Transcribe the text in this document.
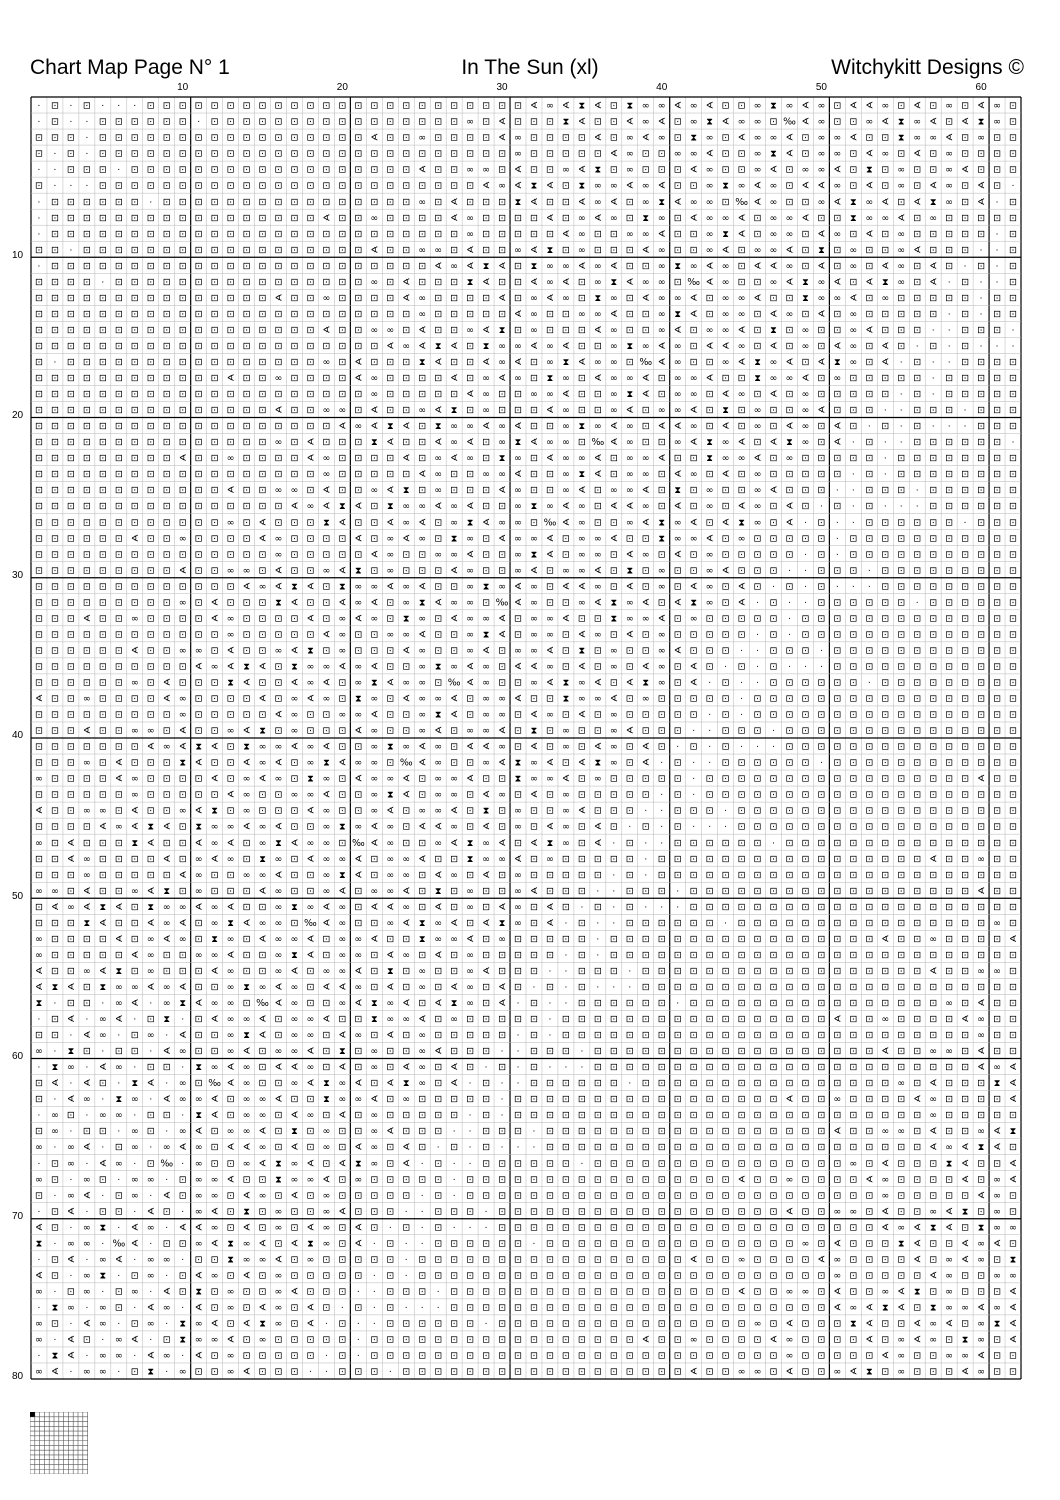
Chart Map Page N° 1	In The Sun (xl)	Witchykitt Designs ©
10	20	30	40	50	60
10
20
30
40
50
60
70
80
· ⊡ · ⊡ · · · ⊡ ⊡ ⊡ ⊡ ⊡ ⊡ ⊡ ⊡ ⊡ ⊡ ⊡ ⊡ ⊡ ⊡ ⊡ ⊡ ⊡ ⊡ ⊡ ⊡ ⊡ ⊡ ⊡ ⊡ ∢ ∞ ∢ ⧗ ∢ ⊡ ⧗ ∞ ∞ ∢ ∞ ∢ ⊡ ⊡ ∞ ⧗ ∞ ∢ ∞ ⊡ ∢ ∢ ∞ ⊡ ∢ ⊡ ∞ ⊡ ∢ ∞ ⊡
· ⊡ · · ⊡ ⊡ ⊡ ⊡ ⊡ ⊡ · ⊡ ⊡ ⊡ ⊡ ⊡ ⊡ ⊡ ⊡ ⊡ ⊡ ⊡ ⊡ ⊡ ⊡ ⊡ ⊡ ∞ ⊡ ∢ ⊡ ⊡ ⊡ ⧗ ∢ ⊡ ⊡ ∢ ∞ ∢ ⊡ ∞ ⧗ ∢ ∞ ∞ ⊡ ‰ ∢ ∞ ⊡ ⊡ ∞ ∢ ⧗ ∞ ∢ ⊡ ∢ ⧗ ∞ ⊡
⊡ ⊡ ⊡ · ⊡ ⊡ ⊡ ⊡ ⊡ ⊡ ⊡ ⊡ ⊡ ⊡ ⊡ ⊡ ⊡ ⊡ ⊡ ⊡ ⊡ ∢ ⊡ ⊡ ∞ ⊡ ⊡ ⊡ ⊡ ∢ ∞ ⊡ ⊡ ⊡ ⊡ ∢ ⊡ ∞ ∢ ∞ ⊡ ⧗ ∞ ⊡ ∢ ∞ ∞ ∢ ⊡ ∞ ∞ ∢ ⊡ ⊡ ⧗ ∞ ∞ ∢ ⊡ ∞ ⊡ ⊡
⊡ · ⊡ · ⊡ ⊡ ⊡ ⊡ ⊡ ⊡ ⊡ ⊡ ⊡ ⊡ ⊡ ⊡ ⊡ ⊡ ⊡ ⊡ ⊡ ⊡ ⊡ ⊡ ⊡ ⊡ ⊡ ⊡ ⊡ ⊡ ∞ ⊡ ⊡ ⊡ ⊡ ⊡ ∢ ∞ ⊡ ⊡ ∞ ∞ ∢ ⊡ ⊡ ∞ ⧗ ∢ ⊡ ∞ ∞ ⊡ ∢ ∞ ⊡ ∢ ⊡ ∞ ⊡ ⊡ ⊡ ⊡
· · ⊡ ⊡ ⊡ · ⊡ ⊡ ⊡ ⊡ ⊡ ⊡ ⊡ ⊡ ⊡ ⊡ ⊡ ⊡ ⊡ ⊡ ⊡ ⊡ ⊡ ⊡ ∢ ⊡ ⊡ ∞ ∞ ⊡ ∢ ⊡ ⊡ ∞ ∢ ⧗ ⊡ ∞ ⊡ ⊡ ⊡ ∢ ∞ ⊡ ⊡ ∞ ∢ ⊡ ∞ ∞ ∢ ⊡ ⧗ ⊡ ∞ ⊡ ⊡ ∞ ∢ ⊡ ⊡ ⊡
⊡ · · · ⊡ ⊡ ⊡ ⊡ ⊡ ⊡ ⊡ ⊡ ⊡ ⊡ ⊡ ⊡ ⊡ ⊡ ⊡ ⊡ ⊡ ⊡ ⊡ ⊡ ⊡ ⊡ ⊡ ⊡ ∢ ∞ ∢ ⧗ ∢ ⊡ ⧗ ∞ ∞ ∢ ∞ ∢ ⊡ ⊡ ∞ ⧗ ∞ ∢ ∞ ⊡ ∢ ∢ ∞ ⊡ ∢ ⊡ ∞ ⊡ ∢ ∞ ⊡ ∢ ⊡ ·
· ⊡ ⊡ ⊡ ⊡ ⊡ ⊡ · ⊡ ⊡ ⊡ ⊡ ⊡ ⊡ ⊡ ⊡ ⊡ ⊡ ⊡ ⊡ ⊡ ⊡ ⊡ ⊡ ∞ ⊡ ∢ ⊡ ⊡ ⊡ ⧗ ∢ ⊡ ⊡ ∢ ∞ ∢ ⊡ ∞ ⧗ ∢ ∞ ∞ ⊡ ‰ ∢ ∞ ⊡ ⊡ ∞ ∢ ⧗ ∞ ∢ ⊡ ∢ ⧗ ∞ ⊡ ∢ · ⊡
· ⊡ ⊡ ⊡ ⊡ ⊡ ⊡ ⊡ ⊡ ⊡ ⊡ ⊡ ⊡ ⊡ ⊡ ⊡ ⊡ ⊡ ∢ ⊡ ⊡ ∞ ⊡ ⊡ ⊡ ⊡ ∢ ∞ ⊡ ⊡ ⊡ ⊡ ∢ ⊡ ∞ ∢ ∞ ⊡ ⧗ ∞ ⊡ ∢ ∞ ∞ ∢ ⊡ ∞ ∞ ∢ ⊡ ⊡ ⧗ ∞ ∞ ∢ ⊡ ∞ ⊡ ⊡ ⊡ ⊡ ⊡
· ⊡ ⊡ ⊡ ⊡ ⊡ ⊡ ⊡ ⊡ ⊡ ⊡ ⊡ ⊡ ⊡ ⊡ ⊡ ⊡ ⊡ ⊡ ⊡ ⊡ ⊡ ⊡ ⊡ ⊡ ⊡ ⊡ ∞ ⊡ ⊡ ⊡ ⊡ ⊡ ∢ ∞ ⊡ ⊡ ∞ ∞ ∢ ⊡ ⊡ ∞ ⧗ ∢ ⊡ ∞ ∞ ⊡ ∢ ∞ ⊡ ∢ ⊡ ∞ ⊡ ⊡ ⊡ ⊡ ⊡ · ⊡
⊡ ⊡ · ⊡ ⊡ ⊡ ⊡ ⊡ ⊡ ⊡ ⊡ ⊡ ⊡ ⊡ ⊡ ⊡ ⊡ ⊡ ⊡ ⊡ ⊡ ∢ ⊡ ⊡ ∞ ∞ ⊡ ∢ ⊡ ⊡ ∞ ∢ ⧗ ⊡ ∞ ⊡ ⊡ ⊡ ∢ ∞ ⊡ ⊡ ∞ ∢ ⊡ ∞ ∞ ∢ ⊡ ⧗ ⊡ ∞ ⊡ ⊡ ∞ ∢ ⊡ ⊡ ⊡ · · ⊡
· ⊡ ⊡ ⊡ ⊡ ⊡ ⊡ ⊡ ⊡ ⊡ ⊡ ⊡ ⊡ ⊡ ⊡ ⊡ ⊡ ⊡ ⊡ ⊡ ⊡ ⊡ ⊡ ⊡ ⊡ ∢ ∞ ∢ ⧗ ∢ ⊡ ⧗ ∞ ∞ ∢ ∞ ∢ ⊡ ⊡ ∞ ⧗ ∞ ∢ ∞ ⊡ ∢ ∢ ∞ ⊡ ∢ ⊡ ∞ ⊡ ∢ ∞ ⊡ ∢ ⊡ · ⊡ · ⊡
⊡ ⊡ ⊡ ⊡ · ⊡ ⊡ ⊡ ⊡ ⊡ ⊡ ⊡ ⊡ ⊡ ⊡ ⊡ ⊡ ⊡ ⊡ ⊡ ⊡ ∞ ⊡ ∢ ⊡ ⊡ ⊡ ⧗ ∢ ⊡ ⊡ ∢ ∞ ∢ ⊡ ∞ ⧗ ∢ ∞ ∞ ⊡ ‰ ∢ ∞ ⊡ ⊡ ∞ ∢ ⧗ ∞ ∢ ⊡ ∢ ⧗ ∞ ⊡ ∢ · ⊡ · · ⊡
⊡ ⊡ ⊡ ⊡ ⊡ ⊡ ⊡ ⊡ ⊡ ⊡ ⊡ ⊡ ⊡ ⊡ ⊡ ∢ ⊡ ⊡ ∞ ⊡ ⊡ ⊡ ⊡ ∢ ∞ ⊡ ⊡ ⊡ ⊡ ∢ ⊡ ∞ ∢ ∞ ⊡ ⧗ ∞ ⊡ ∢ ∞ ∞ ∢ ⊡ ∞ ∞ ∢ ⊡ ⊡ ⧗ ∞ ∞ ∢ ⊡ ∞ ⊡ ⊡ ⊡ ⊡ ⊡ · ⊡ ⊡
⊡ ⊡ ⊡ ⊡ ⊡ ⊡ ⊡ ⊡ ⊡ ⊡ ⊡ ⊡ ⊡ ⊡ ⊡ ⊡ ⊡ ⊡ ⊡ ⊡ ⊡ ⊡ ⊡ ⊡ ∞ ⊡ ⊡ ⊡ ⊡ ⊡ ∢ ∞ ⊡ ⊡ ∞ ∞ ∢ ⊡ ⊡ ∞ ⧗ ∢ ⊡ ∞ ∞ ⊡ ∢ ∞ ⊡ ∢ ⊡ ∞ ⊡ ⊡ ⊡ ⊡ ⊡ · ⊡ · ⊡ ⊡
⊡ ⊡ ⊡ ⊡ ⊡ ⊡ ⊡ ⊡ ⊡ ⊡ ⊡ ⊡ ⊡ ⊡ ⊡ ⊡ ⊡ ⊡ ∢ ⊡ ⊡ ∞ ∞ ⊡ ∢ ⊡ ⊡ ∞ ∢ ⧗ ⊡ ∞ ⊡ ⊡ ⊡ ∢ ∞ ⊡ ⊡ ∞ ∢ ⊡ ∞ ∞ ∢ ⊡ ⧗ ⊡ ∞ ⊡ ⊡ ∞ ∢ ⊡ ⊡ ⊡ · · ⊡ ⊡ ⊡ ·
⊡ ⊡ ⊡ ⊡ ⊡ ⊡ ⊡ ⊡ ⊡ ⊡ ⊡ ⊡ ⊡ ⊡ ⊡ ⊡ ⊡ ⊡ ⊡ ⊡ ⊡ ⊡ ∢ ∞ ∢ ⧗ ∢ ⊡ ⧗ ∞ ∞ ∢ ∞ ∢ ⊡ ⊡ ∞ ⧗ ∞ ∢ ∞ ⊡ ∢ ∢ ∞ ⊡ ∢ ⊡ ∞ ⊡ ∢ ∞ ⊡ ∢ ⊡ · ⊡ · ⊡ · · ·
⊡ · ⊡ ⊡ ⊡ ⊡ ⊡ ⊡ ⊡ ⊡ ⊡ ⊡ ⊡ ⊡ ⊡ ⊡ ⊡ ⊡ ∞ ⊡ ∢ ⊡ ⊡ ⊡ ⧗ ∢ ⊡ ⊡ ∢ ∞ ∢ ⊡ ∞ ⧗ ∢ ∞ ∞ ⊡ ‰ ∢ ∞ ⊡ ⊡ ∞ ∢ ⧗ ∞ ∢ ⊡ ∢ ⧗ ∞ ⊡ ∢ · ⊡ · · ⊡ ⊡ ⊡ ⊡
⊡ ⊡ ⊡ ⊡ ⊡ ⊡ ⊡ ⊡ ⊡ ⊡ ⊡ ⊡ ∢ ⊡ ⊡ ∞ ⊡ ⊡ ⊡ ⊡ ∢ ∞ ⊡ ⊡ ⊡ ⊡ ∢ ⊡ ∞ ∢ ∞ ⊡ ⧗ ∞ ⊡ ∢ ∞ ∞ ∢ ⊡ ∞ ∞ ∢ ⊡ ⊡ ⧗ ∞ ∞ ∢ ⊡ ∞ ⊡ ⊡ ⊡ ⊡ ⊡ · ⊡ ⊡ ⊡ ⊡ ⊡
⊡ ⊡ ⊡ ⊡ ⊡ ⊡ ⊡ ⊡ ⊡ ⊡ ⊡ ⊡ ⊡ ⊡ ⊡ ⊡ ⊡ ⊡ ⊡ ⊡ ⊡ ∞ ⊡ ⊡ ⊡ ⊡ ⊡ ∢ ∞ ⊡ ⊡ ∞ ∞ ∢ ⊡ ⊡ ∞ ⧗ ∢ ⊡ ∞ ∞ ⊡ ∢ ∞ ⊡ ∢ ⊡ ∞ ⊡ ⊡ ⊡ ⊡ ⊡ · ⊡ · ⊡ ⊡ ⊡ ⊡ ⊡
⊡ ⊡ ⊡ ⊡ ⊡ ⊡ ⊡ ⊡ ⊡ ⊡ ⊡ ⊡ ⊡ ⊡ ⊡ ∢ ⊡ ⊡ ∞ ∞ ⊡ ∢ ⊡ ⊡ ∞ ∢ ⧗ ⊡ ∞ ⊡ ⊡ ⊡ ∢ ∞ ⊡ ⊡ ∞ ∢ ⊡ ∞ ∞ ∢ ⊡ ⧗ ⊡ ∞ ⊡ ⊡ ∞ ∢ ⊡ ⊡ ⊡ · · ⊡ ⊡ ⊡ · ⊡ ⊡ ⊡
⊡ ⊡ ⊡ ⊡ ⊡ ⊡ ⊡ ⊡ ⊡ ⊡ ⊡ ⊡ ⊡ ⊡ ⊡ ⊡ ⊡ ⊡ ⊡ ∢ ∞ ∢ ⧗ ∢ ⊡ ⧗ ∞ ∞ ∢ ∞ ∢ ⊡ ⊡ ∞ ⧗ ∞ ∢ ∞ ⊡ ∢ ∢ ∞ ⊡ ∢ ⊡ ∞ ⊡ ∢ ∞ ⊡ ∢ ⊡ · ⊡ · ⊡ · · · ⊡ ⊡ ⊡
⊡ ⊡ ⊡ ⊡ ⊡ ⊡ ⊡ ⊡ ⊡ ⊡ ⊡ ⊡ ⊡ ⊡ ⊡ ∞ ⊡ ∢ ⊡ ⊡ ⊡ ⧗ ∢ ⊡ ⊡ ∢ ∞ ∢ ⊡ ∞ ⧗ ∢ ∞ ∞ ⊡ ‰ ∢ ∞ ⊡ ⊡ ∞ ∢ ⧗ ∞ ∢ ⊡ ∢ ⧗ ∞ ⊡ ∢ · ⊡ · · ⊡ ⊡ ⊡ ⊡ ⊡ ⊡ ·
⊡ ⊡ ⊡ ⊡ ⊡ ⊡ ⊡ ⊡ ⊡ ∢ ⊡ ⊡ ∞ ⊡ ⊡ ⊡ ⊡ ∢ ∞ ⊡ ⊡ ⊡ ⊡ ∢ ⊡ ∞ ∢ ∞ ⊡ ⧗ ∞ ⊡ ∢ ∞ ∞ ∢ ⊡ ∞ ∞ ∢ ⊡ ⊡ ⧗ ∞ ∞ ∢ ⊡ ∞ ⊡ ⊡ ⊡ ⊡ ⊡ · ⊡ ⊡ ⊡ ⊡ ⊡ ⊡ ⊡ ⊡
⊡ ⊡ ⊡ ⊡ ⊡ ⊡ ⊡ ⊡ ⊡ ⊡ ⊡ ⊡ ⊡ ⊡ ⊡ ⊡ ⊡ ⊡ ∞ ⊡ ⊡ ⊡ ⊡ ⊡ ∢ ∞ ⊡ ⊡ ∞ ∞ ∢ ⊡ ⊡ ∞ ⧗ ∢ ⊡ ∞ ∞ ⊡ ∢ ∞ ⊡ ∢ ⊡ ∞ ⊡ ⊡ ⊡ ⊡ ⊡ · ⊡ · ⊡ ⊡ ⊡ ⊡ ⊡ ⊡ ⊡ ⊡
⊡ ⊡ ⊡ ⊡ ⊡ ⊡ ⊡ ⊡ ⊡ ⊡ ⊡ ⊡ ∢ ⊡ ⊡ ∞ ∞ ⊡ ∢ ⊡ ⊡ ∞ ∢ ⧗ ⊡ ∞ ⊡ ⊡ ⊡ ∢ ∞ ⊡ ⊡ ∞ ∢ ⊡ ∞ ∞ ∢ ⊡ ⧗ ⊡ ∞ ⊡ ⊡ ∞ ∢ ⊡ ⊡ ⊡ · · ⊡ ⊡ ⊡ · ⊡ ⊡ ⊡ ⊡ ⊡ ⊡
⊡ ⊡ ⊡ ⊡ ⊡ ⊡ ⊡ ⊡ ⊡ ⊡ ⊡ ⊡ ⊡ ⊡ ⊡ ⊡ ∢ ∞ ∢ ⧗ ∢ ⊡ ⧗ ∞ ∞ ∢ ∞ ∢ ⊡ ⊡ ∞ ⧗ ∞ ∢ ∞ ⊡ ∢ ∢ ∞ ⊡ ∢ ⊡ ∞ ⊡ ∢ ∞ ⊡ ∢ ⊡ · ⊡ · ⊡ · · · ⊡ ⊡ ⊡ ⊡ ⊡ ⊡
⊡ ⊡ ⊡ ⊡ ⊡ ⊡ ⊡ ⊡ ⊡ ⊡ ⊡ ⊡ ∞ ⊡ ∢ ⊡ ⊡ ⊡ ⧗ ∢ ⊡ ⊡ ∢ ∞ ∢ ⊡ ∞ ⧗ ∢ ∞ ∞ ⊡ ‰ ∢ ∞ ⊡ ⊡ ∞ ∢ ⧗ ∞ ∢ ⊡ ∢ ⧗ ∞ ⊡ ∢ · ⊡ · · ⊡ ⊡ ⊡ ⊡ ⊡ ⊡ · ⊡ ⊡ ⊡
⊡ ⊡ ⊡ ⊡ ⊡ ⊡ ∢ ⊡ ⊡ ∞ ⊡ ⊡ ⊡ ⊡ ∢ ∞ ⊡ ⊡ ⊡ ⊡ ∢ ⊡ ∞ ∢ ∞ ⊡ ⧗ ∞ ⊡ ∢ ∞ ∞ ∢ ⊡ ∞ ∞ ∢ ⊡ ⊡ ⧗ ∞ ∞ ∢ ⊡ ∞ ⊡ ⊡ ⊡ ⊡ ⊡ · ⊡ ⊡ ⊡ ⊡ ⊡ ⊡ ⊡ ⊡ ⊡ ⊡ ⊡
⊡ ⊡ ⊡ ⊡ ⊡ ⊡ ⊡ ⊡ ⊡ ⊡ ⊡ ⊡ ⊡ ⊡ ⊡ ∞ ⊡ ⊡ ⊡ ⊡ ⊡ ∢ ∞ ⊡ ⊡ ∞ ∞ ∢ ⊡ ⊡ ∞ ⧗ ∢ ⊡ ∞ ∞ ⊡ ∢ ∞ ⊡ ∢ ⊡ ∞ ⊡ ⊡ ⊡ ⊡ ⊡ · ⊡ · ⊡ ⊡ ⊡ ⊡ ⊡ ⊡ ⊡ ⊡ ⊡ ⊡ ⊡
⊡ ⊡ ⊡ ⊡ ⊡ ⊡ ⊡ ⊡ ⊡ ∢ ⊡ ⊡ ∞ ∞ ⊡ ∢ ⊡ ⊡ ∞ ∢ ⧗ ⊡ ∞ ⊡ ⊡ ⊡ ∢ ∞ ⊡ ⊡ ∞ ∢ ⊡ ∞ ∞ ∢ ⊡ ⧗ ⊡ ∞ ⊡ ⊡ ∞ ∢ ⊡ ⊡ ⊡ · · ⊡ ⊡ ⊡ · ⊡ ⊡ ⊡ ⊡ ⊡ ⊡ ⊡ ⊡ ⊡
⊡ ⊡ ⊡ ⊡ ⊡ ⊡ ⊡ ⊡ ⊡ ⊡ ⊡ ⊡ ⊡ ∢ ∞ ∢ ⧗ ∢ ⊡ ⧗ ∞ ∞ ∢ ∞ ∢ ⊡ ⊡ ∞ ⧗ ∞ ∢ ∞ ⊡ ∢ ∢ ∞ ⊡ ∢ ⊡ ∞ ⊡ ∢ ∞ ⊡ ∢ ⊡ · ⊡ · ⊡ · · · ⊡ ⊡ ⊡ ⊡ ⊡ ⊡ ⊡ ⊡ ⊡
⊡ ⊡ ⊡ ⊡ ⊡ ⊡ ⊡ ⊡ ⊡ ∞ ⊡ ∢ ⊡ ⊡ ⊡ ⧗ ∢ ⊡ ⊡ ∢ ∞ ∢ ⊡ ∞ ⧗ ∢ ∞ ∞ ⊡ ‰ ∢ ∞ ⊡ ⊡ ∞ ∢ ⧗ ∞ ∢ ⊡ ∢ ⧗ ∞ ⊡ ∢ · ⊡ · · ⊡ ⊡ ⊡ ⊡ ⊡ ⊡ · ⊡ ⊡ ⊡ ⊡ ⊡ ⊡
⊡ ⊡ ⊡ ∢ ⊡ ⊡ ∞ ⊡ ⊡ ⊡ ⊡ ∢ ∞ ⊡ ⊡ ⊡ ⊡ ∢ ⊡ ∞ ∢ ∞ ⊡ ⧗ ∞ ⊡ ∢ ∞ ∞ ∢ ⊡ ∞ ∞ ∢ ⊡ ⊡ ⧗ ∞ ∞ ∢ ⊡ ∞ ⊡ ⊡ ⊡ ⊡ ⊡ · ⊡ ⊡ ⊡ ⊡ ⊡ ⊡ ⊡ ⊡ ⊡ ⊡ ⊡ ⊡ ⊡ ⊡
⊡ ⊡ ⊡ ⊡ ⊡ ⊡ ⊡ ⊡ ⊡ ⊡ ⊡ ⊡ ∞ ⊡ ⊡ ⊡ ⊡ ⊡ ∢ ∞ ⊡ ⊡ ∞ ∞ ∢ ⊡ ⊡ ∞ ⧗ ∢ ⊡ ∞ ∞ ⊡ ∢ ∞ ⊡ ∢ ⊡ ∞ ⊡ ⊡ ⊡ ⊡ ⊡ · ⊡ · ⊡ ⊡ ⊡ ⊡ ⊡ ⊡ ⊡ ⊡ ⊡ ⊡ ⊡ ⊡ ⊡ ⊡
⊡ ⊡ ⊡ ⊡ ⊡ ⊡ ∢ ⊡ ⊡ ∞ ∞ ⊡ ∢ ⊡ ⊡ ∞ ∢ ⧗ ⊡ ∞ ⊡ ⊡ ⊡ ∢ ∞ ⊡ ⊡ ∞ ∢ ⊡ ∞ ∞ ∢ ⊡ ⧗ ⊡ ∞ ⊡ ⊡ ∞ ∢ ⊡ ⊡ ⊡ · · ⊡ ⊡ ⊡ · ⊡ ⊡ ⊡ ⊡ ⊡ ⊡ ⊡ ⊡ ⊡ ⊡ ⊡ ⊡
⊡ ⊡ ⊡ ⊡ ⊡ ⊡ ⊡ ⊡ ⊡ ⊡ ∢ ∞ ∢ ⧗ ∢ ⊡ ⧗ ∞ ∞ ∢ ∞ ∢ ⊡ ⊡ ∞ ⧗ ∞ ∢ ∞ ⊡ ∢ ∢ ∞ ⊡ ∢ ⊡ ∞ ⊡ ∢ ∞ ⊡ ∢ ⊡ · ⊡ · ⊡ · · · ⊡ ⊡ ⊡ ⊡ ⊡ ⊡ ⊡ ⊡ ⊡ ⊡ ⊡ ⊡
⊡ ⊡ ⊡ ⊡ ⊡ ⊡ ∞ ⊡ ∢ ⊡ ⊡ ⊡ ⧗ ∢ ⊡ ⊡ ∢ ∞ ∢ ⊡ ∞ ⧗ ∢ ∞ ∞ ⊡ ‰ ∢ ∞ ⊡ ⊡ ∞ ∢ ⧗ ∞ ∢ ⊡ ∢ ⧗ ∞ ⊡ ∢ · ⊡ · · ⊡ ⊡ ⊡ ⊡ ⊡ ⊡ · ⊡ ⊡ ⊡ ⊡ ⊡ ⊡ ⊡ ⊡ ⊡
∢ ⊡ ⊡ ∞ ⊡ ⊡ ⊡ ⊡ ∢ ∞ ⊡ ⊡ ⊡ ⊡ ∢ ⊡ ∞ ∢ ∞ ⊡ ⧗ ∞ ⊡ ∢ ∞ ∞ ∢ ⊡ ∞ ∞ ∢ ⊡ ⊡ ⧗ ∞ ∞ ∢ ⊡ ∞ ⊡ ⊡ ⊡ ⊡ ⊡ · ⊡ ⊡ ⊡ ⊡ ⊡ ⊡ ⊡ ⊡ ⊡ ⊡ ⊡ ⊡ ⊡ ⊡ ⊡ ⊡ ⊡
⊡ ⊡ ⊡ ⊡ ⊡ ⊡ ⊡ ⊡ ⊡ ∞ ⊡ ⊡ ⊡ ⊡ ⊡ ∢ ∞ ⊡ ⊡ ∞ ∞ ∢ ⊡ ⊡ ∞ ⧗ ∢ ⊡ ∞ ∞ ⊡ ∢ ∞ ⊡ ∢ ⊡ ∞ ⊡ ⊡ ⊡ ⊡ ⊡ · ⊡ · ⊡ ⊡ ⊡ ⊡ ⊡ ⊡ ⊡ ⊡ ⊡ ⊡ ⊡ ⊡ ⊡ ⊡ ⊡ ⊡ ⊡
⊡ ⊡ ⊡ ∢ ⊡ ⊡ ∞ ∞ ⊡ ∢ ⊡ ⊡ ∞ ∢ ⧗ ⊡ ∞ ⊡ ⊡ ⊡ ∢ ∞ ⊡ ⊡ ∞ ∢ ⊡ ∞ ∞ ∢ ⊡ ⧗ ⊡ ∞ ⊡ ⊡ ∞ ∢ ⊡ ⊡ ⊡ · · ⊡ ⊡ ⊡ · ⊡ ⊡ ⊡ ⊡ ⊡ ⊡ ⊡ ⊡ ⊡ ⊡ ⊡ ⊡ ⊡ ⊡ ⊡
⊡ ⊡ ⊡ ⊡ ⊡ ⊡ ⊡ ∢ ∞ ∢ ⧗ ∢ ⊡ ⧗ ∞ ∞ ∢ ∞ ∢ ⊡ ⊡ ∞ ⧗ ∞ ∢ ∞ ⊡ ∢ ∢ ∞ ⊡ ∢ ⊡ ∞ ⊡ ∢ ∞ ⊡ ∢ ⊡ · ⊡ · ⊡ · · · ⊡ ⊡ ⊡ ⊡ ⊡ ⊡ ⊡ ⊡ ⊡ ⊡ ⊡ ⊡ ⊡ ⊡ ⊡
⊡ ⊡ ⊡ ∞ ⊡ ∢ ⊡ ⊡ ⊡ ⧗ ∢ ⊡ ⊡ ∢ ∞ ∢ ⊡ ∞ ⧗ ∢ ∞ ∞ ⊡ ‰ ∢ ∞ ⊡ ⊡ ∞ ∢ ⧗ ∞ ∢ ⊡ ∢ ⧗ ∞ ⊡ ∢ · ⊡ · · ⊡ ⊡ ⊡ ⊡ ⊡ ⊡ · ⊡ ⊡ ⊡ ⊡ ⊡ ⊡ ⊡ ⊡ ⊡ ⊡ ⊡ ⊡
∞ ⊡ ⊡ ⊡ ⊡ ∢ ∞ ⊡ ⊡ ⊡ ⊡ ∢ ⊡ ∞ ∢ ∞ ⊡ ⧗ ∞ ⊡ ∢ ∞ ∞ ∢ ⊡ ∞ ∞ ∢ ⊡ ⊡ ⧗ ∞ ∞ ∢ ⊡ ∞ ⊡ ⊡ ⊡ ⊡ ⊡ · ⊡ ⊡ ⊡ ⊡ ⊡ ⊡ ⊡ ⊡ ⊡ ⊡ ⊡ ⊡ ⊡ ⊡ ⊡ ⊡ ⊡ ∢ ⊡ ⊡
⊡ ⊡ ⊡ ⊡ ⊡ ⊡ ∞ ⊡ ⊡ ⊡ ⊡ ⊡ ∢ ∞ ⊡ ⊡ ∞ ∞ ∢ ⊡ ⊡ ∞ ⧗ ∢ ⊡ ∞ ∞ ⊡ ∢ ∞ ⊡ ∢ ⊡ ∞ ⊡ ⊡ ⊡ ⊡ ⊡ · ⊡ · ⊡ ⊡ ⊡ ⊡ ⊡ ⊡ ⊡ ⊡ ⊡ ⊡ ⊡ ⊡ ⊡ ⊡ ⊡ ⊡ ⊡ ⊡ ⊡ ⊡
∢ ⊡ ⊡ ∞ ∞ ⊡ ∢ ⊡ ⊡ ∞ ∢ ⧗ ⊡ ∞ ⊡ ⊡ ⊡ ∢ ∞ ⊡ ⊡ ∞ ∢ ⊡ ∞ ∞ ∢ ⊡ ⧗ ⊡ ∞ ⊡ ⊡ ∞ ∢ ⊡ ⊡ ⊡ · · ⊡ ⊡ ⊡ · ⊡ ⊡ ⊡ ⊡ ⊡ ⊡ ⊡ ⊡ ⊡ ⊡ ⊡ ⊡ ⊡ ⊡ ⊡ ⊡ ⊡ ⊡
⊡ ⊡ ⊡ ⊡ ∢ ∞ ∢ ⧗ ∢ ⊡ ⧗ ∞ ∞ ∢ ∞ ∢ ⊡ ⊡ ∞ ⧗ ∞ ∢ ∞ ⊡ ∢ ∢ ∞ ⊡ ∢ ⊡ ∞ ⊡ ∢ ∞ ⊡ ∢ ⊡ · ⊡ · ⊡ · · · ⊡ ⊡ ⊡ ⊡ ⊡ ⊡ ⊡ ⊡ ⊡ ⊡ ⊡ ⊡ ⊡ ⊡ ⊡ ⊡ ⊡ ⊡
∞ ⊡ ∢ ⊡ ⊡ ⊡ ⧗ ∢ ⊡ ⊡ ∢ ∞ ∢ ⊡ ∞ ⧗ ∢ ∞ ∞ ⊡ ‰ ∢ ∞ ⊡ ⊡ ∞ ∢ ⧗ ∞ ∢ ⊡ ∢ ⧗ ∞ ⊡ ∢ · ⊡ · · ⊡ ⊡ ⊡ ⊡ ⊡ ⊡ · ⊡ ⊡ ⊡ ⊡ ⊡ ⊡ ⊡ ⊡ ⊡ ⊡ ⊡ ⊡ ⊡ ⊡ ⊡
⊡ ⊡ ∢ ∞ ⊡ ⊡ ⊡ ⊡ ∢ ⊡ ∞ ∢ ∞ ⊡ ⧗ ∞ ⊡ ∢ ∞ ∞ ∢ ⊡ ∞ ∞ ∢ ⊡ ⊡ ⧗ ∞ ∞ ∢ ⊡ ∞ ⊡ ⊡ ⊡ ⊡ ⊡ · ⊡ ⊡ ⊡ ⊡ ⊡ ⊡ ⊡ ⊡ ⊡ ⊡ ⊡ ⊡ ⊡ ⊡ ⊡ ⊡ ⊡ ∢ ⊡ ⊡ ∞ ⊡ ⊡
⊡ ⊡ ⊡ ∞ ⊡ ⊡ ⊡ ⊡ ⊡ ∢ ∞ ⊡ ⊡ ∞ ∞ ∢ ⊡ ⊡ ∞ ⧗ ∢ ⊡ ∞ ∞ ⊡ ∢ ∞ ⊡ ∢ ⊡ ∞ ⊡ ⊡ ⊡ ⊡ ⊡ · ⊡ · ⊡ ⊡ ⊡ ⊡ ⊡ ⊡ ⊡ ⊡ ⊡ ⊡ ⊡ ⊡ ⊡ ⊡ ⊡ ⊡ ⊡ ⊡ ⊡ ⊡ ⊡ ⊡ ⊡
∞ ∞ ⊡ ∢ ⊡ ⊡ ∞ ∢ ⧗ ⊡ ∞ ⊡ ⊡ ⊡ ∢ ∞ ⊡ ⊡ ∞ ∢ ⊡ ∞ ∞ ∢ ⊡ ⧗ ⊡ ∞ ⊡ ⊡ ∞ ∢ ⊡ ⊡ ⊡ · · ⊡ ⊡ ⊡ · ⊡ ⊡ ⊡ ⊡ ⊡ ⊡ ⊡ ⊡ ⊡ ⊡ ⊡ ⊡ ⊡ ⊡ ⊡ ⊡ ⊡ ⊡ ∢ ⊡ ⊡
⊡ ∢ ∞ ∢ ⧗ ∢ ⊡ ⧗ ∞ ∞ ∢ ∞ ∢ ⊡ ⊡ ∞ ⧗ ∞ ∢ ∞ ⊡ ∢ ∢ ∞ ⊡ ∢ ⊡ ∞ ⊡ ∢ ∞ ⊡ ∢ ⊡ · ⊡ · ⊡ · · · ⊡ ⊡ ⊡ ⊡ ⊡ ⊡ ⊡ ⊡ ⊡ ⊡ ⊡ ⊡ ⊡ ⊡ ⊡ ⊡ ⊡ ⊡ ⊡ ⊡ ⊡
⊡ ⊡ ⊡ ⧗ ∢ ⊡ ⊡ ∢ ∞ ∢ ⊡ ∞ ⧗ ∢ ∞ ∞ ⊡ ‰ ∢ ∞ ⊡ ⊡ ∞ ∢ ⧗ ∞ ∢ ⊡ ∢ ⧗ ∞ ⊡ ∢ · ⊡ · · ⊡ ⊡ ⊡ ⊡ ⊡ ⊡ · ⊡ ⊡ ⊡ ⊡ ⊡ ⊡ ⊡ ⊡ ⊡ ⊡ ⊡ ⊡ ⊡ ⊡ ⊡ ⊡ ∞ ⊡
∞ ⊡ ⊡ ⊡ ⊡ ∢ ⊡ ∞ ∢ ∞ ⊡ ⧗ ∞ ⊡ ∢ ∞ ∞ ∢ ⊡ ∞ ∞ ∢ ⊡ ⊡ ⧗ ∞ ∞ ∢ ⊡ ∞ ⊡ ⊡ ⊡ ⊡ ⊡ · ⊡ ⊡ ⊡ ⊡ ⊡ ⊡ ⊡ ⊡ ⊡ ⊡ ⊡ ⊡ ⊡ ⊡ ⊡ ⊡ ⊡ ∢ ⊡ ⊡ ∞ ⊡ ⊡ ⊡ ⊡ ∢
∞ ⊡ ⊡ ⊡ ⊡ ⊡ ∢ ∞ ⊡ ⊡ ∞ ∞ ∢ ⊡ ⊡ ∞ ⧗ ∢ ⊡ ∞ ∞ ⊡ ∢ ∞ ⊡ ∢ ⊡ ∞ ⊡ ⊡ ⊡ ⊡ ⊡ · ⊡ · ⊡ ⊡ ⊡ ⊡ ⊡ ⊡ ⊡ ⊡ ⊡ ⊡ ⊡ ⊡ ⊡ ⊡ ⊡ ⊡ ⊡ ⊡ ⊡ ⊡ ⊡ ⊡ ⊡ ⊡ ⊡ ⊡
∢ ⊡ ⊡ ∞ ∢ ⧗ ⊡ ∞ ⊡ ⊡ ⊡ ∢ ∞ ⊡ ⊡ ∞ ∢ ⊡ ∞ ∞ ∢ ⊡ ⧗ ⊡ ∞ ⊡ ⊡ ∞ ∢ ⊡ ⊡ ⊡ · · ⊡ ⊡ ⊡ · ⊡ ⊡ ⊡ ⊡ ⊡ ⊡ ⊡ ⊡ ⊡ ⊡ ⊡ ⊡ ⊡ ⊡ ⊡ ⊡ ⊡ ⊡ ∢ ⊡ ⊡ ∞ ∞ ⊡
∢ ⧗ ∢ ⊡ ⧗ ∞ ∞ ∢ ∞ ∢ ⊡ ⊡ ∞ ⧗ ∞ ∢ ∞ ⊡ ∢ ∢ ∞ ⊡ ∢ ⊡ ∞ ⊡ ∢ ∞ ⊡ ∢ ⊡ · ⊡ · ⊡ · · · ⊡ ⊡ ⊡ ⊡ ⊡ ⊡ ⊡ ⊡ ⊡ ⊡ ⊡ ⊡ ⊡ ⊡ ⊡ ⊡ ⊡ ⊡ ⊡ ⊡ ⊡ ⊡ ⊡ ⊡
⧗ · ⊡ ⊡ · ∞ ∢ · ∞ ⧗ ∢ ∞ ∞ ⊡ ‰ ∢ ∞ ⊡ ⊡ ∞ ∢ ⧗ ∞ ∢ ⊡ ∢ ⧗ ∞ ⊡ ∢ · ⊡ · · ⊡ ⊡ ⊡ ⊡ ⊡ ⊡ · ⊡ ⊡ ⊡ ⊡ ⊡ ⊡ ⊡ ⊡ ⊡ ⊡ ⊡ ⊡ ⊡ ⊡ ⊡ ⊡ ∞ ⊡ ∢ ⊡ ⊡
· ⊡ ∢ · ∞ ∢ · ⊡ ⧗ · ⊡ ∢ ∞ ∞ ∢ ⊡ ∞ ∞ ∢ ⊡ ⊡ ⧗ ∞ ∞ ∢ ⊡ ∞ ⊡ ⊡ ⊡ ⊡ ⊡ · ⊡ ⊡ ⊡ ⊡ ⊡ ⊡ ⊡ ⊡ ⊡ ⊡ ⊡ ⊡ ⊡ ⊡ ⊡ ⊡ ⊡ ∢ ⊡ ⊡ ∞ ⊡ ⊡ ⊡ ⊡ ∢ ∞ ⊡ ⊡
⊡ ⊡ · ∢ ∞ · ⊡ ∞ · ∢ ⊡ ⊡ ∞ ⧗ ∢ ⊡ ∞ ∞ ⊡ ∢ ∞ ⊡ ∢ ⊡ ∞ ⊡ ⊡ ⊡ ⊡ ⊡ · ⊡ · ⊡ ⊡ ⊡ ⊡ ⊡ ⊡ ⊡ ⊡ ⊡ ⊡ ⊡ ⊡ ⊡ ⊡ ⊡ ⊡ ⊡ ⊡ ⊡ ⊡ ⊡ ⊡ ⊡ ⊡ ⊡ ⊡ ∞ ⊡ ⊡
∞ · ⧗ ⊡ · ⊡ ⊡ · ∢ ∞ ⊡ ⊡ ∞ ∢ ⊡ ∞ ∞ ∢ ⊡ ⧗ ⊡ ∞ ⊡ ⊡ ∞ ∢ ⊡ ⊡ ⊡ · · ⊡ ⊡ ⊡ · ⊡ ⊡ ⊡ ⊡ ⊡ ⊡ ⊡ ⊡ ⊡ ⊡ ⊡ ⊡ ⊡ ⊡ ⊡ ⊡ ⊡ ⊡ ∢ ⊡ ⊡ ∞ ∞ ⊡ ∢ ⊡ ⊡
· ⧗ ∞ · ∢ ∞ · ⊡ ⊡ · ⧗ ∞ ∢ ∞ ⊡ ∢ ∢ ∞ ⊡ ∢ ⊡ ∞ ⊡ ∢ ∞ ⊡ ∢ ⊡ · ⊡ · ⊡ · · · ⊡ ⊡ ⊡ ⊡ ⊡ ⊡ ⊡ ⊡ ⊡ ⊡ ⊡ ⊡ ⊡ ⊡ ⊡ ⊡ ⊡ ⊡ ⊡ ⊡ ⊡ ⊡ ⊡ ⊡ ∢ ∞ ∢
⊡ ∢ · ∢ ⊡ · ⧗ ∢ · ∞ ⊡ ‰ ∢ ∞ ⊡ ⊡ ∞ ∢ ⧗ ∞ ∢ ⊡ ∢ ⧗ ∞ ⊡ ∢ · ⊡ · · ⊡ ⊡ ⊡ ⊡ ⊡ ⊡ · ⊡ ⊡ ⊡ ⊡ ⊡ ⊡ ⊡ ⊡ ⊡ ⊡ ⊡ ⊡ ⊡ ⊡ ⊡ ⊡ ∞ ⊡ ∢ ⊡ ⊡ ⊡ ⧗ ∢
⊡ · ∢ ∞ · ⧗ ∞ · ∢ ∞ ∞ ∢ ⊡ ∞ ∞ ∢ ⊡ ⊡ ⧗ ∞ ∞ ∢ ⊡ ∞ ⊡ ⊡ ⊡ ⊡ ⊡ · ⊡ ⊡ ⊡ ⊡ ⊡ ⊡ ⊡ ⊡ ⊡ ⊡ ⊡ ⊡ ⊡ ⊡ ⊡ ⊡ ⊡ ∢ ⊡ ⊡ ∞ ⊡ ⊡ ⊡ ⊡ ∢ ∞ ⊡ ⊡ ⊡ ⊡ ∢
· ∞ ⊡ · ∞ ∞ · ⊡ ⊡ · ⧗ ∢ ⊡ ∞ ∞ ⊡ ∢ ∞ ⊡ ∢ ⊡ ∞ ⊡ ⊡ ⊡ ⊡ ⊡ · ⊡ · ⊡ ⊡ ⊡ ⊡ ⊡ ⊡ ⊡ ⊡ ⊡ ⊡ ⊡ ⊡ ⊡ ⊡ ⊡ ⊡ ⊡ ⊡ ⊡ ⊡ ⊡ ⊡ ⊡ ⊡ ⊡ ⊡ ∞ ⊡ ⊡ ⊡ ⊡ ⊡
⊡ ∞ · ⊡ ⊡ · ∞ ⊡ · ∞ ∢ ⊡ ∞ ∞ ∢ ⊡ ⧗ ⊡ ∞ ⊡ ⊡ ∞ ∢ ⊡ ⊡ ⊡ · · ⊡ ⊡ ⊡ · ⊡ ⊡ ⊡ ⊡ ⊡ ⊡ ⊡ ⊡ ⊡ ⊡ ⊡ ⊡ ⊡ ⊡ ⊡ ⊡ ⊡ ⊡ ∢ ⊡ ⊡ ∞ ∞ ⊡ ∢ ⊡ ⊡ ∞ ∢ ⧗
∞ · ∞ ∢ · ⊡ ∞ · ∞ ∢ ∞ ⊡ ∢ ∢ ∞ ⊡ ∢ ⊡ ∞ ⊡ ∢ ∞ ⊡ ∢ ⊡ · ⊡ · ⊡ · · · ⊡ ⊡ ⊡ ⊡ ⊡ ⊡ ⊡ ⊡ ⊡ ⊡ ⊡ ⊡ ⊡ ⊡ ⊡ ⊡ ⊡ ⊡ ⊡ ⊡ ⊡ ⊡ ⊡ ⊡ ∢ ∞ ∢ ⧗ ∢ ⊡
· ⊡ ∞ · ∢ ∞ · ⊡ ‰ · ∞ ⊡ ⊡ ∞ ∢ ⧗ ∞ ∢ ⊡ ∢ ⧗ ∞ ⊡ ∢ · ⊡ · · ⊡ ⊡ ⊡ ⊡ ⊡ ⊡ · ⊡ ⊡ ⊡ ⊡ ⊡ ⊡ ⊡ ⊡ ⊡ ⊡ ⊡ ⊡ ⊡ ⊡ ⊡ ⊡ ∞ ⊡ ∢ ⊡ ⊡ ⊡ ⧗ ∢ ⊡ ⊡ ∢
∞ ⊡ · ∞ ⊡ · ∞ ∞ · ⊡ ∞ ∞ ∢ ⊡ ⊡ ⧗ ∞ ∞ ∢ ⊡ ∞ ⊡ ⊡ ⊡ ⊡ ⊡ · ⊡ ⊡ ⊡ ⊡ ⊡ ⊡ ⊡ ⊡ ⊡ ⊡ ⊡ ⊡ ⊡ ⊡ ⊡ ⊡ ⊡ ∢ ⊡ ⊡ ∞ ⊡ ⊡ ⊡ ⊡ ∢ ∞ ⊡ ⊡ ⊡ ⊡ ∢ ⊡ ∞ ∢
⊡ · ∞ ∢ · ⊡ ∞ · ∢ ⊡ ∞ ∞ ⊡ ∢ ∞ ⊡ ∢ ⊡ ∞ ⊡ ⊡ ⊡ ⊡ ⊡ · ⊡ · ⊡ ⊡ ⊡ ⊡ ⊡ ⊡ ⊡ ⊡ ⊡ ⊡ ⊡ ⊡ ⊡ ⊡ ⊡ ⊡ ⊡ ⊡ ⊡ ⊡ ⊡ ⊡ ⊡ ⊡ ⊡ ⊡ ∞ ⊡ ⊡ ⊡ ⊡ ⊡ ∢ ∞ ⊡
· ⊡ ∢ · ⊡ ⊡ · ∢ ⊡ · ∞ ∢ ⊡ ⧗ ⊡ ∞ ⊡ ⊡ ∞ ∢ ⊡ ⊡ ⊡ · · ⊡ ⊡ ⊡ · ⊡ ⊡ ⊡ ⊡ ⊡ ⊡ ⊡ ⊡ ⊡ ⊡ ⊡ ⊡ ⊡ ⊡ ⊡ ⊡ ⊡ ⊡ ∢ ⊡ ⊡ ∞ ∞ ⊡ ∢ ⊡ ⊡ ∞ ∢ ⧗ ⊡ ∞ ⊡
∢ ⊡ · ∞ ⧗ · ∢ ∞ · ∢ ∢ ∞ ⊡ ∢ ⊡ ∞ ⊡ ∢ ∞ ⊡ ∢ ⊡ · ⊡ · ⊡ · · · ⊡ ⊡ ⊡ ⊡ ⊡ ⊡ ⊡ ⊡ ⊡ ⊡ ⊡ ⊡ ⊡ ⊡ ⊡ ⊡ ⊡ ⊡ ⊡ ⊡ ⊡ ⊡ ⊡ ⊡ ∢ ∞ ∢ ⧗ ∢ ⊡ ⧗ ∞ ∞
⧗ · ∞ ∞ · ‰ ∢ · ⊡ ⊡ ∞ ∢ ⧗ ∞ ∢ ⊡ ∢ ⧗ ∞ ⊡ ∢ · ⊡ · · ⊡ ⊡ ⊡ ⊡ ⊡ ⊡ · ⊡ ⊡ ⊡ ⊡ ⊡ ⊡ ⊡ ⊡ ⊡ ⊡ ⊡ ⊡ ⊡ ⊡ ⊡ ⊡ ∞ ⊡ ∢ ⊡ ⊡ ⊡ ⧗ ∢ ⊡ ⊡ ∢ ∞ ∢ ⊡
· ⊡ ∢ · ∞ ∢ · ∞ ∞ · ⊡ ⊡ ⧗ ∞ ∞ ∢ ⊡ ∞ ⊡ ⊡ ⊡ ⊡ ⊡ · ⊡ ⊡ ⊡ ⊡ ⊡ ⊡ ⊡ ⊡ ⊡ ⊡ ⊡ ⊡ ⊡ ⊡ ⊡ ⊡ ⊡ ∢ ⊡ ⊡ ∞ ⊡ ⊡ ⊡ ⊡ ∢ ∞ ⊡ ⊡ ⊡ ⊡ ∢ ⊡ ∞ ∢ ∞ ⊡ ⧗
∢ ⊡ · ∞ ⧗ · ⊡ ∞ · ⊡ ∢ ∞ ⊡ ∢ ⊡ ∞ ⊡ ⊡ ⊡ ⊡ ⊡ · ⊡ · ⊡ ⊡ ⊡ ⊡ ⊡ ⊡ ⊡ ⊡ ⊡ ⊡ ⊡ ⊡ ⊡ ⊡ ⊡ ⊡ ⊡ ⊡ ⊡ ⊡ ⊡ ⊡ ⊡ ⊡ ⊡ ⊡ ∞ ⊡ ⊡ ⊡ ⊡ ⊡ ∢ ∞ ⊡ ⊡ ∞ ∞
∞ · ⊡ ∞ · ⊡ ∞ · ∢ ⊡ ⧗ ⊡ ∞ ⊡ ⊡ ∞ ∢ ⊡ ⊡ ⊡ · · ⊡ ⊡ ⊡ · ⊡ ⊡ ⊡ ⊡ ⊡ ⊡ ⊡ ⊡ ⊡ ⊡ ⊡ ⊡ ⊡ ⊡ ⊡ ⊡ ⊡ ⊡ ∢ ⊡ ⊡ ∞ ∞ ⊡ ∢ ⊡ ⊡ ∞ ∢ ⧗ ⊡ ∞ ⊡ ⊡ ⊡ ∢
· ⧗ ∞ · ∞ ⊡ · ∢ ∞ · ∢ ⊡ ∞ ⊡ ∢ ∞ ⊡ ∢ ⊡ · ⊡ · ⊡ · · · ⊡ ⊡ ⊡ ⊡ ⊡ ⊡ ⊡ ⊡ ⊡ ⊡ ⊡ ⊡ ⊡ ⊡ ⊡ ⊡ ⊡ ⊡ ⊡ ⊡ ⊡ ⊡ ⊡ ⊡ ∢ ∞ ∢ ⧗ ∢ ⊡ ⧗ ∞ ∞ ∢ ∞ ∢
∞ ⊡ · ∢ ∞ · ⊡ ∞ · ⧗ ∞ ∢ ⊡ ∢ ⧗ ∞ ⊡ ∢ · ⊡ · · ⊡ ⊡ ⊡ ⊡ ⊡ ⊡ · ⊡ ⊡ ⊡ ⊡ ⊡ ⊡ ⊡ ⊡ ⊡ ⊡ ⊡ ⊡ ⊡ ⊡ ⊡ ⊡ ∞ ⊡ ∢ ⊡ ⊡ ⊡ ⧗ ∢ ⊡ ⊡ ∢ ∞ ∢ ⊡ ∞ ⧗ ∢
∞ · ∢ ⊡ · ∞ ∢ · ⊡ ⧗ ∞ ∞ ∢ ⊡ ∞ ⊡ ⊡ ⊡ ⊡ ⊡ · ⊡ ⊡ ⊡ ⊡ ⊡ ⊡ ⊡ ⊡ ⊡ ⊡ ⊡ ⊡ ⊡ ⊡ ⊡ ⊡ ⊡ ∢ ⊡ ⊡ ∞ ⊡ ⊡ ⊡ ⊡ ∢ ∞ ⊡ ⊡ ⊡ ⊡ ∢ ⊡ ∞ ∢ ∞ ⊡ ⧗ ∞ ⊡ ∢
· ⧗ ∢ · ∞ ∞ · ∢ ∞ · ∢ ⊡ ∞ ⊡ ⊡ ⊡ ⊡ ⊡ · ⊡ · ⊡ ⊡ ⊡ ⊡ ⊡ ⊡ ⊡ ⊡ ⊡ ⊡ ⊡ ⊡ ⊡ ⊡ ⊡ ⊡ ⊡ ⊡ ⊡ ⊡ ⊡ ⊡ ⊡ ⊡ ⊡ ⊡ ∞ ⊡ ⊡ ⊡ ⊡ ⊡ ∢ ∞ ⊡ ⊡ ∞ ∞ ∢ ⊡ ⊡
∞ ∢ · ∞ ∞ · ⊡ ⧗ · ∞ ⊡ ⊡ ∞ ∢ ⊡ ⊡ ⊡ · · ⊡ ⊡ ⊡ · ⊡ ⊡ ⊡ ⊡ ⊡ ⊡ ⊡ ⊡ ⊡ ⊡ ⊡ ⊡ ⊡ ⊡ ⊡ ⊡ ⊡ ⊡ ∢ ⊡ ⊡ ∞ ∞ ⊡ ∢ ⊡ ⊡ ∞ ∢ ⧗ ⊡ ∞ ⊡ ⊡ ⊡ ∢ ∞ ⊡ ⊡
